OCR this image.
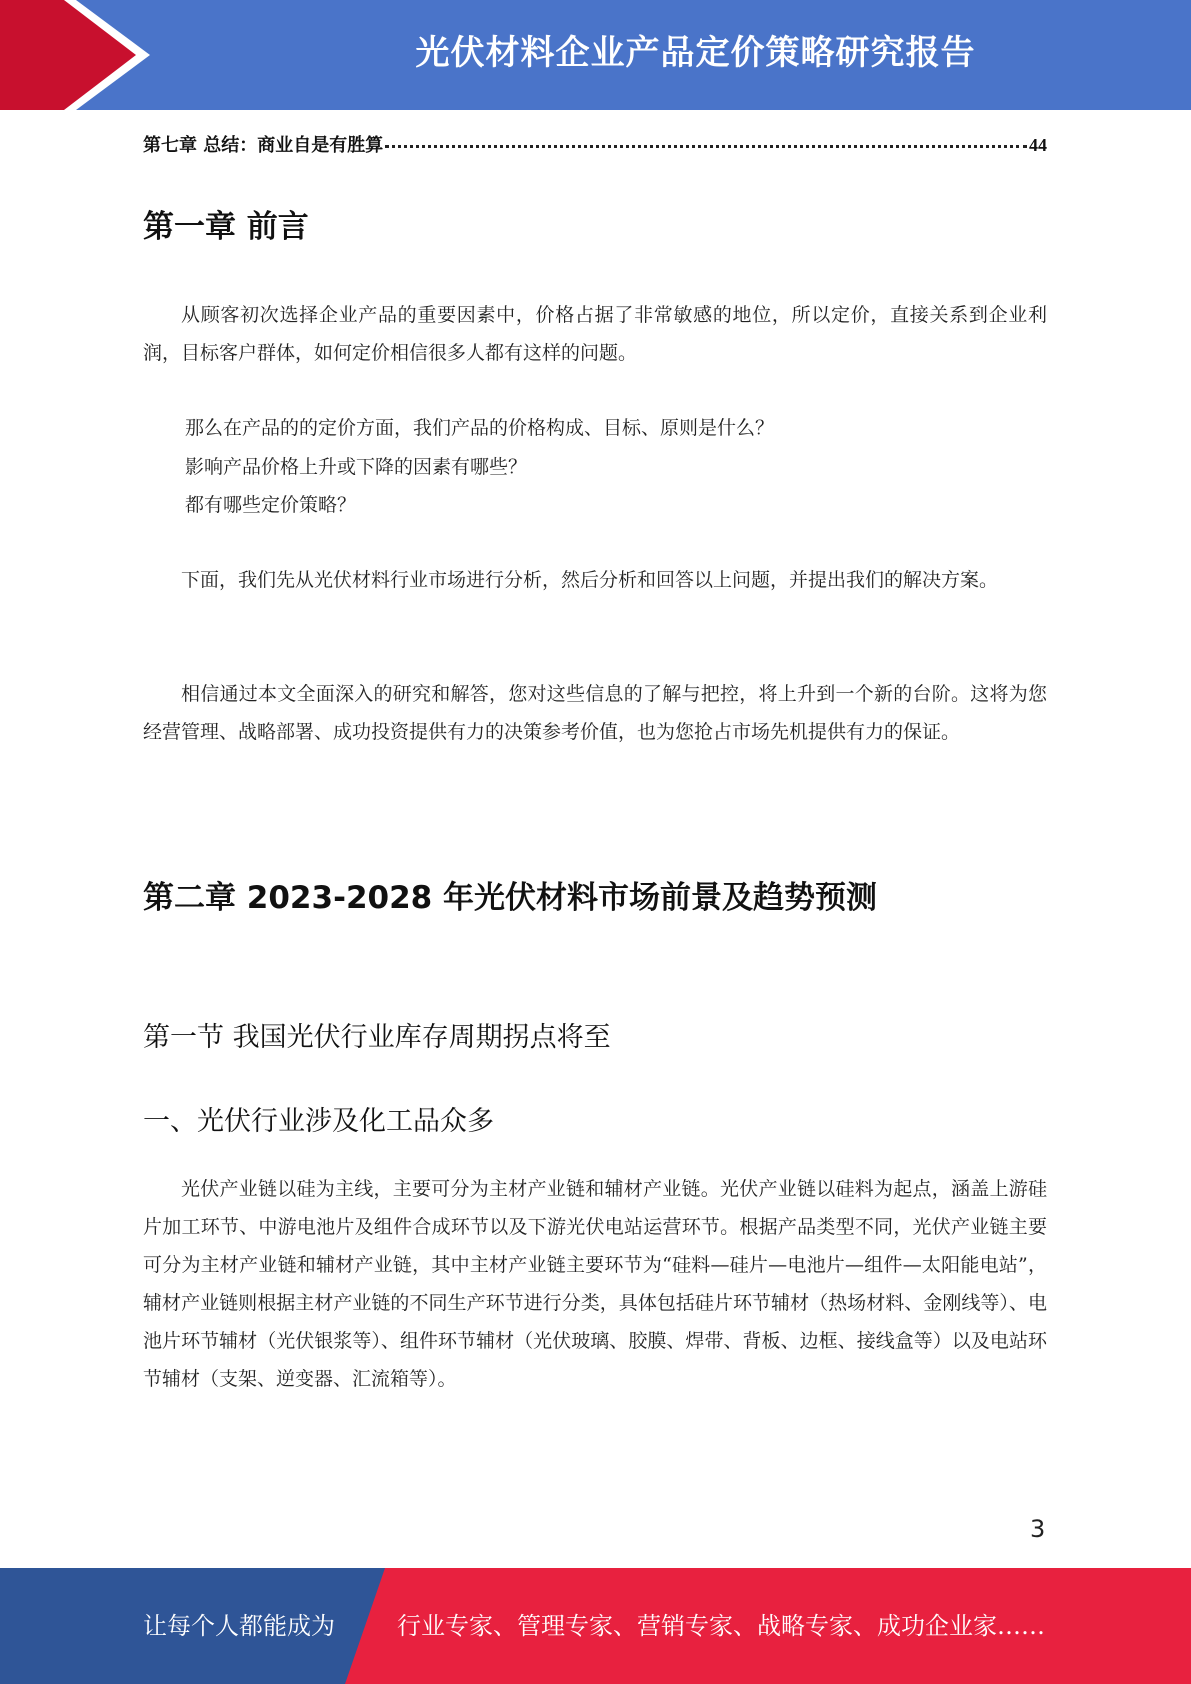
光伏材料企业产品定价策略研究报告
第七章 总结：商业自是有胜算	44
第一章 前言

从顾客初次选择企业产品的重要因素中，价格占据了非常敏感的地位，所以定价，直接关系到企业利润，目标客户群体，如何定价相信很多人都有这样的问题。

那么在产品的的定价方面，我们产品的价格构成、目标、原则是什么？

影响产品价格上升或下降的因素有哪些？

都有哪些定价策略？

下面，我们先从光伏材料行业市场进行分析，然后分析和回答以上问题，并提出我们的解决方案。

相信通过本文全面深入的研究和解答，您对这些信息的了解与把控，将上升到一个新的台阶。这将为您经营管理、战略部署、成功投资提供有力的决策参考价值，也为您抢占市场先机提供有力的保证。

第二章 2023-2028 年光伏材料市场前景及趋势预测
第一节 我国光伏行业库存周期拐点将至
一、光伏行业涉及化工品众多

光伏产业链以硅为主线，主要可分为主材产业链和辅材产业链。光伏产业链以硅料为起点，涵盖上游硅片加工环节、中游电池片及组件合成环节以及下游光伏电站运营环节。根据产品类型不同，光伏产业链主要可分为主材产业链和辅材产业链，其中主材产业链主要环节为“硅料—硅片—电池片—组件—太阳能电站”，辅材产业链则根据主材产业链的不同生产环节进行分类，具体包括硅片环节辅材（热场材料、金刚线等）、电池片环节辅材（光伏银浆等）、组件环节辅材（光伏玻璃、胶膜、焊带、背板、边框、接线盒等）以及电站环节辅材（支架、逆变器、汇流箱等）。

3
让每个人都能成为	行业专家、管理专家、营销专家、战略专家、成功企业家……
